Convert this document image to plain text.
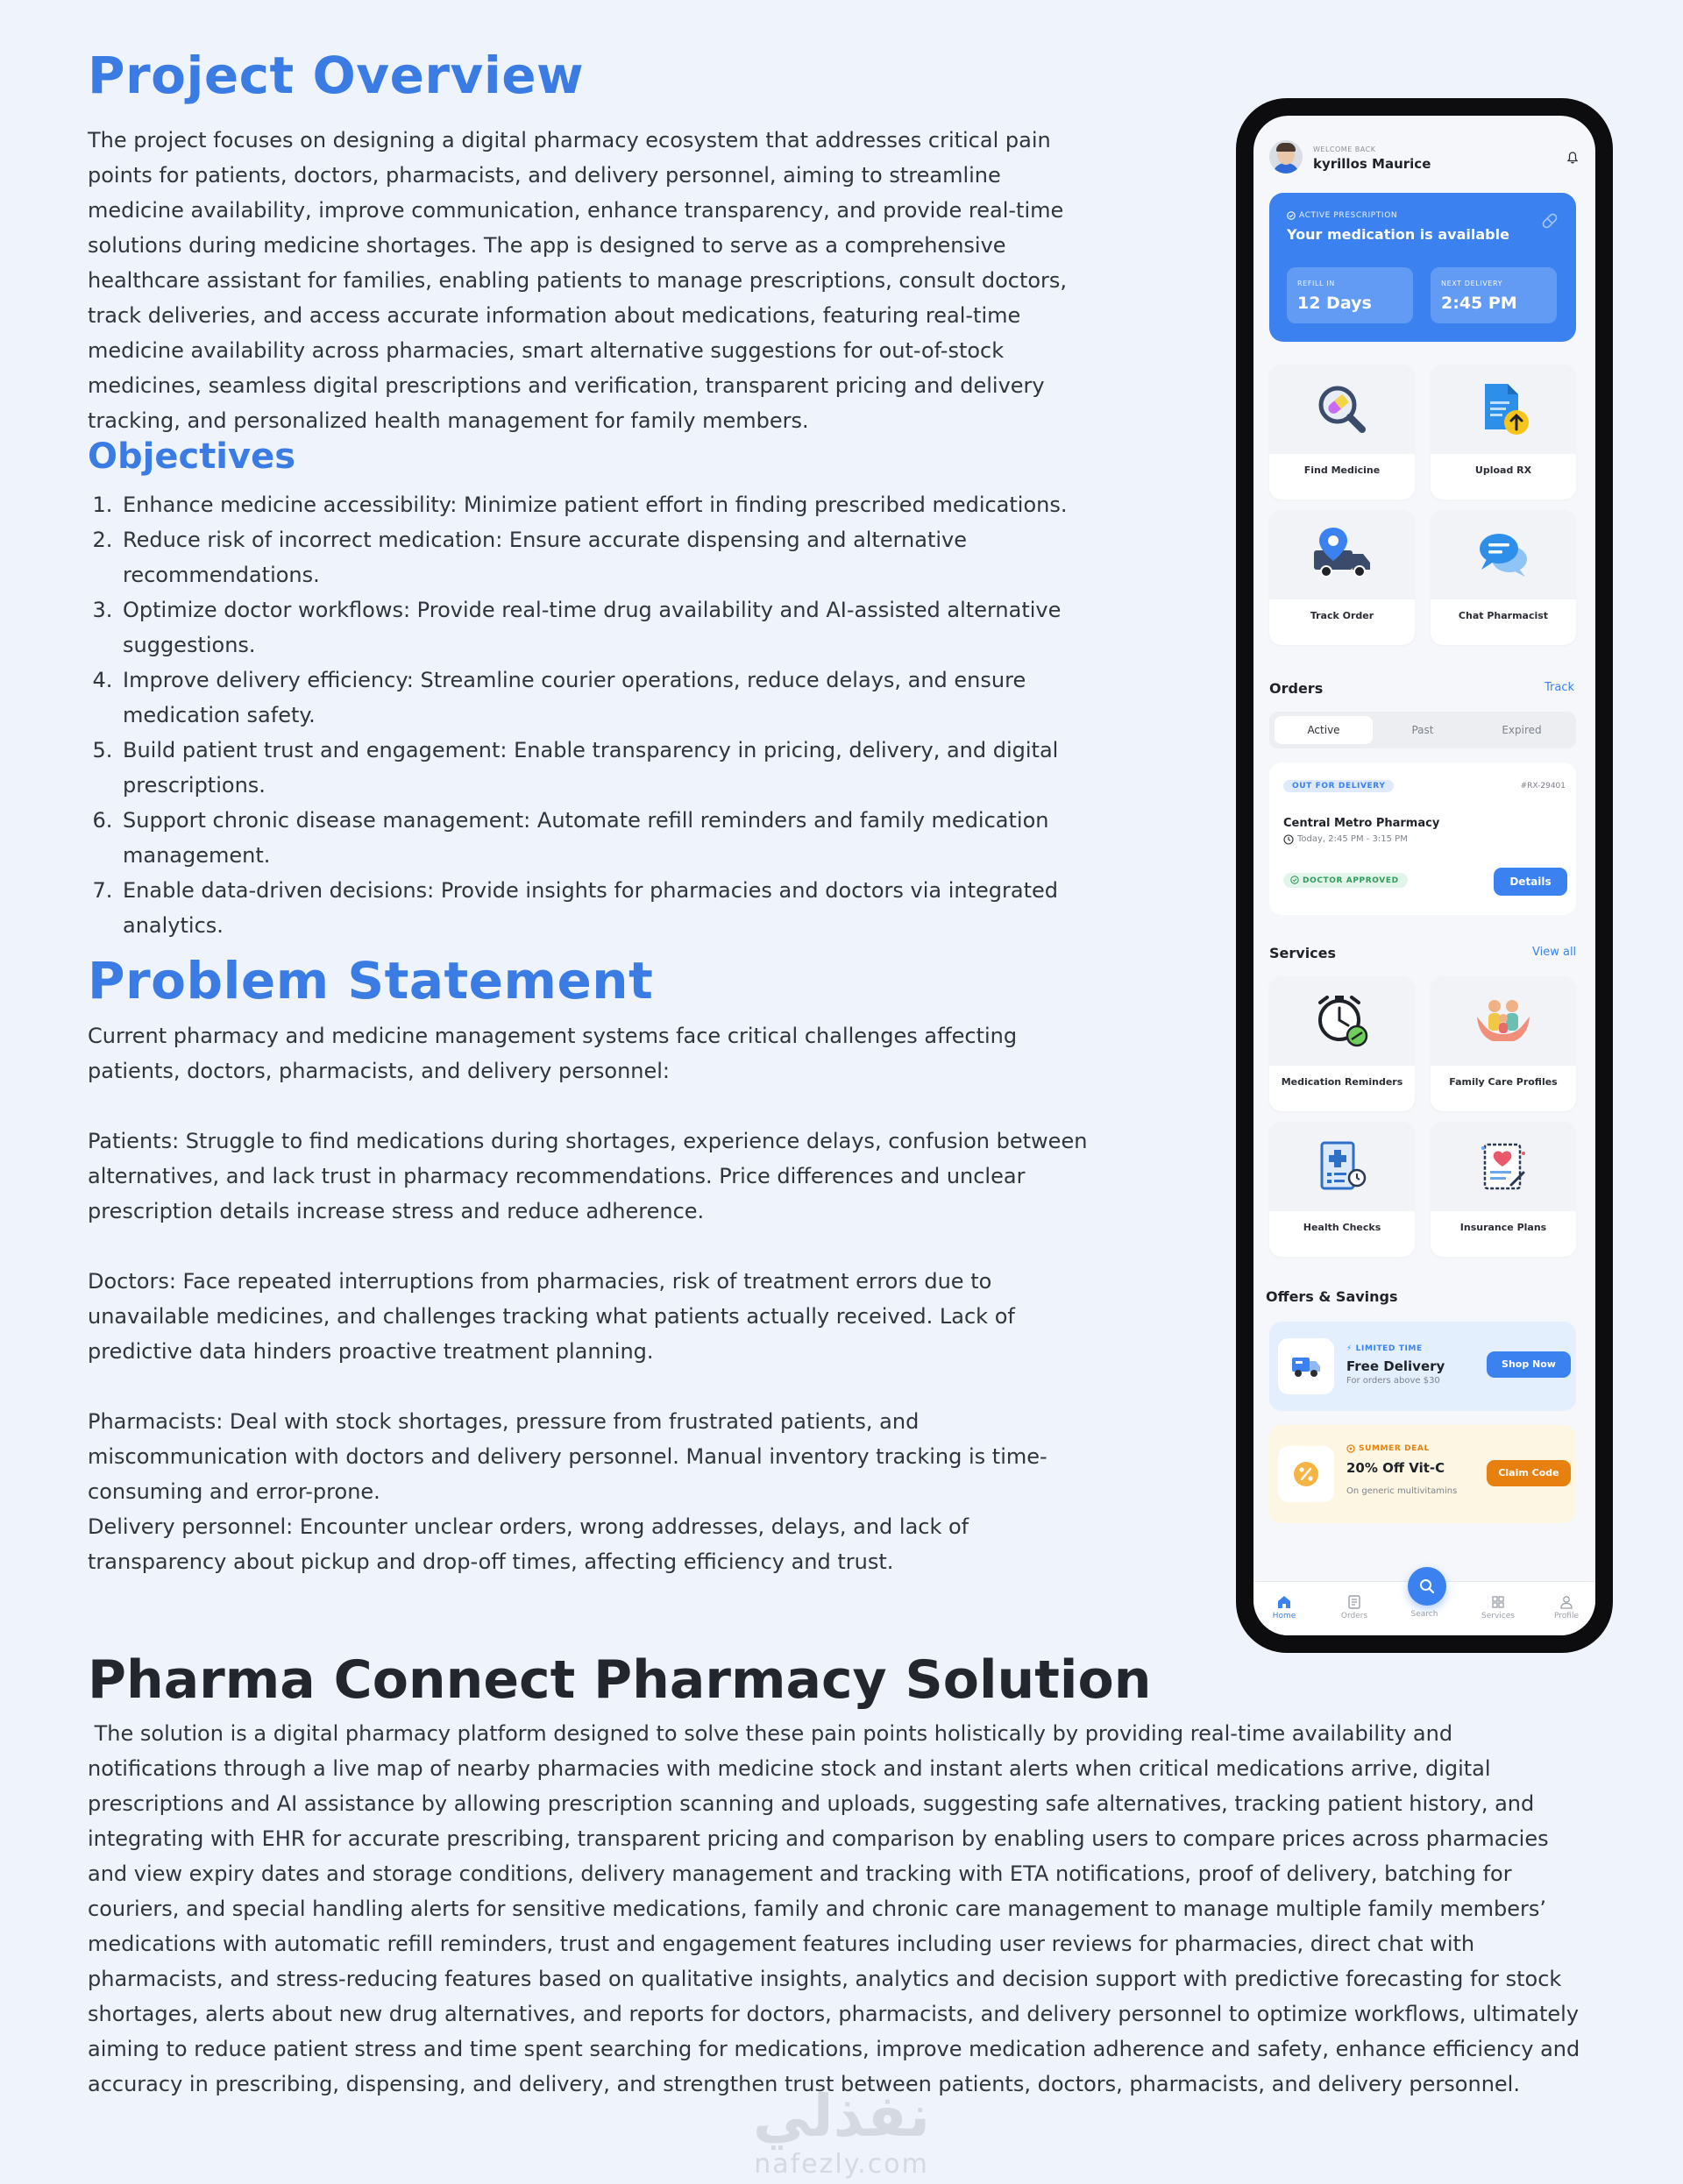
Project Overview

The project focuses on designing a digital pharmacy ecosystem that addresses critical pain points for patients, doctors, pharmacists, and delivery personnel, aiming to streamline medicine availability, improve communication, enhance transparency, and provide real-time solutions during medicine shortages. The app is designed to serve as a comprehensive healthcare assistant for families, enabling patients to manage prescriptions, consult doctors, track deliveries, and access accurate information about medications, featuring real-time medicine availability across pharmacies, smart alternative suggestions for out-of-stock medicines, seamless digital prescriptions and verification, transparent pricing and delivery tracking, and personalized health management for family members.

Objectives
1. Enhance medicine accessibility: Minimize patient effort in finding prescribed medications.
2. Reduce risk of incorrect medication: Ensure accurate dispensing and alternative recommendations.
3. Optimize doctor workflows: Provide real-time drug availability and AI-assisted alternative suggestions.
4. Improve delivery efficiency: Streamline courier operations, reduce delays, and ensure medication safety.
5. Build patient trust and engagement: Enable transparency in pricing, delivery, and digital prescriptions.
6. Support chronic disease management: Automate refill reminders and family medication management.
7. Enable data-driven decisions: Provide insights for pharmacies and doctors via integrated analytics.
Problem Statement

Current pharmacy and medicine management systems face critical challenges affecting patients, doctors, pharmacists, and delivery personnel:

Patients: Struggle to find medications during shortages, experience delays, confusion between alternatives, and lack trust in pharmacy recommendations. Price differences and unclear prescription details increase stress and reduce adherence.

Doctors: Face repeated interruptions from pharmacies, risk of treatment errors due to unavailable medicines, and challenges tracking what patients actually received. Lack of predictive data hinders proactive treatment planning.

Pharmacists: Deal with stock shortages, pressure from frustrated patients, and miscommunication with doctors and delivery personnel. Manual inventory tracking is time-consuming and error-prone.

Delivery personnel: Encounter unclear orders, wrong addresses, delays, and lack of transparency about pickup and drop-off times, affecting efficiency and trust.

Pharma Connect Pharmacy Solution

The solution is a digital pharmacy platform designed to solve these pain points holistically by providing real-time availability and notifications through a live map of nearby pharmacies with medicine stock and instant alerts when critical medications arrive, digital prescriptions and AI assistance by allowing prescription scanning and uploads, suggesting safe alternatives, tracking patient history, and integrating with EHR for accurate prescribing, transparent pricing and comparison by enabling users to compare prices across pharmacies and view expiry dates and storage conditions, delivery management and tracking with ETA notifications, proof of delivery, batching for couriers, and special handling alerts for sensitive medications, family and chronic care management to manage multiple family members’ medications with automatic refill reminders, trust and engagement features including user reviews for pharmacies, direct chat with pharmacists, and stress-reducing features based on qualitative insights, analytics and decision support with predictive forecasting for stock shortages, alerts about new drug alternatives, and reports for doctors, pharmacists, and delivery personnel to optimize workflows, ultimately aiming to reduce patient stress and time spent searching for medications, improve medication adherence and safety, enhance efficiency and accuracy in prescribing, dispensing, and delivery, and strengthen trust between patients, doctors, pharmacists, and delivery personnel.

نفذلي
nafezly.com
WELCOME BACK
kyrillos Maurice
ACTIVE PRESCRIPTION
Your medication is available
REFILL IN
12 Days
NEXT DELIVERY
2:45 PM
Find Medicine	Upload RX
Track Order	Chat Pharmacist
Orders	Track
Active	Past	Expired
OUT FOR DELIVERY	#RX-29401
Central Metro Pharmacy
Today, 2:45 PM - 3:15 PM
DOCTOR APPROVED	Details
Services	View all
Medication Reminders	Family Care Profiles
Health Checks	Insurance Plans
Offers & Savings
⚡ LIMITED TIME
Free Delivery
For orders above $30
Shop Now
SUMMER DEAL
20% Off Vit-C
On generic multivitamins
Claim Code
Home	Orders	Search	Services	Profile
